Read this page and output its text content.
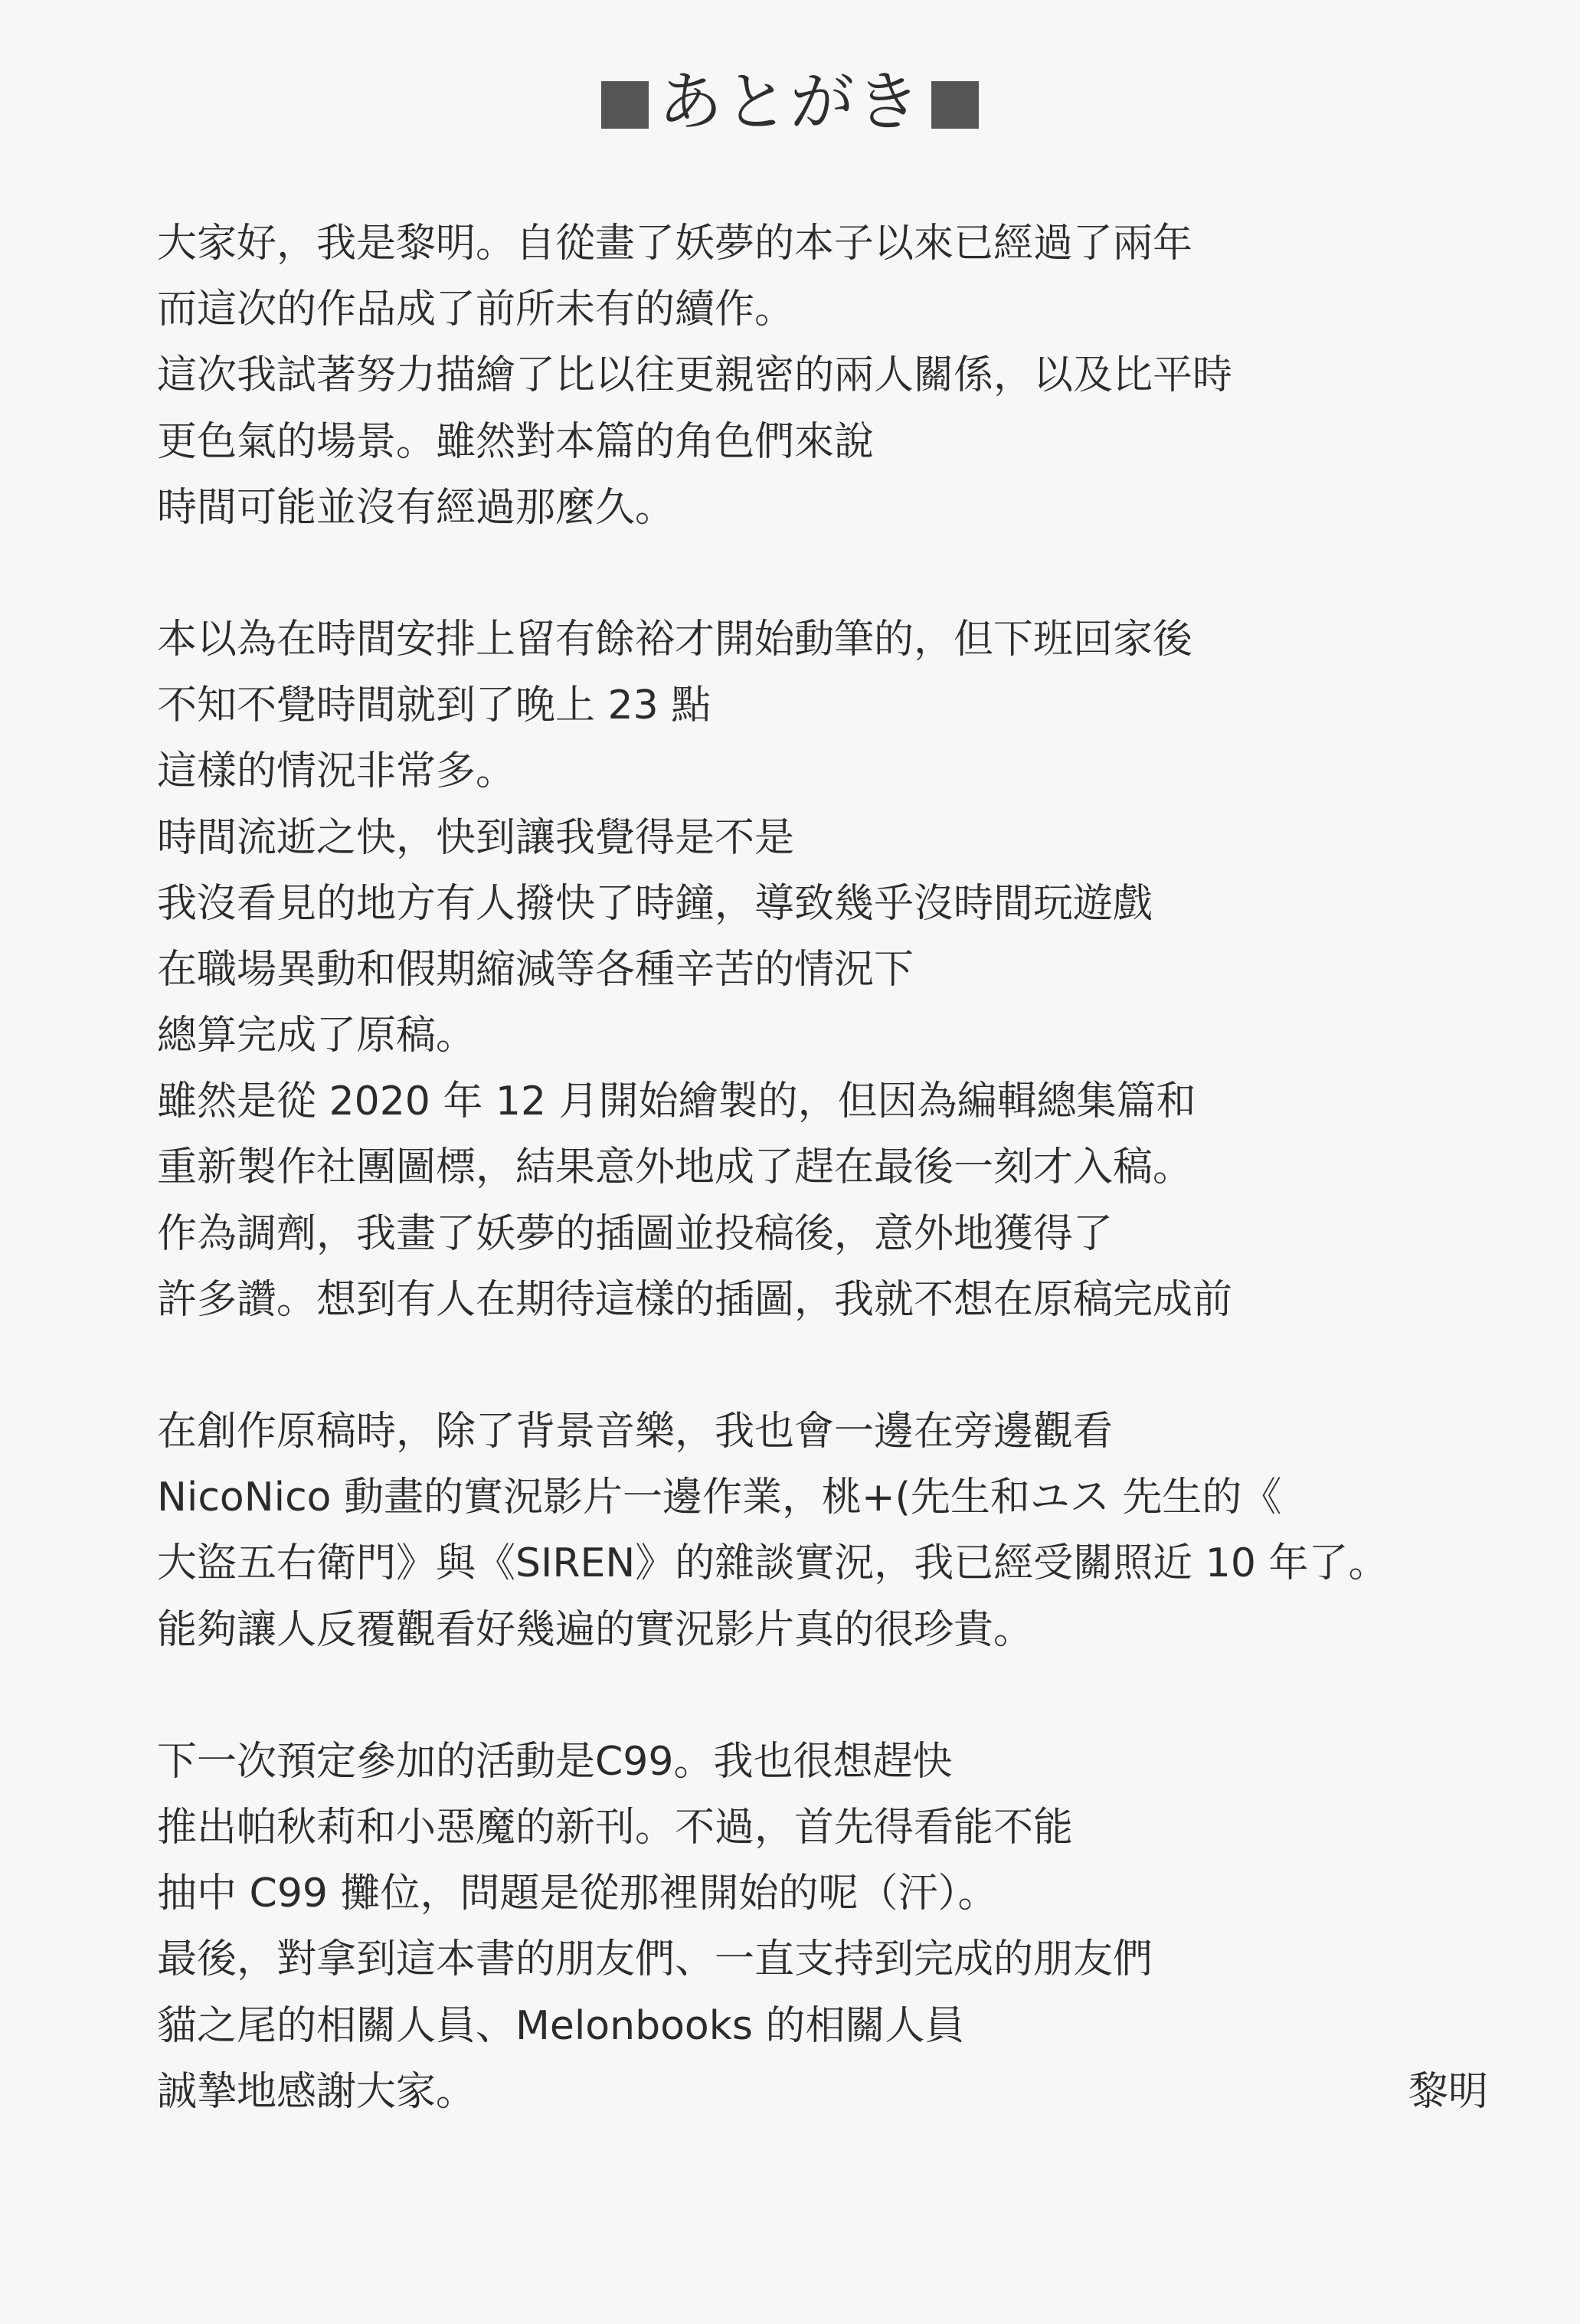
あとがき
大家好，我是黎明。自從畫了妖夢的本子以來已經過了兩年
而這次的作品成了前所未有的續作。
這次我試著努力描繪了比以往更親密的兩人關係，以及比平時
更色氣的場景。雖然對本篇的角色們來說
時間可能並沒有經過那麼久。
本以為在時間安排上留有餘裕才開始動筆的，但下班回家後
不知不覺時間就到了晚上 23 點
這樣的情況非常多。
時間流逝之快，快到讓我覺得是不是
我沒看見的地方有人撥快了時鐘，導致幾乎沒時間玩遊戲
在職場異動和假期縮減等各種辛苦的情況下
總算完成了原稿。
雖然是從 2020 年 12 月開始繪製的，但因為編輯總集篇和
重新製作社團圖標，結果意外地成了趕在最後一刻才入稿。
作為調劑，我畫了妖夢的插圖並投稿後，意外地獲得了
許多讚。想到有人在期待這樣的插圖，我就不想在原稿完成前
在創作原稿時，除了背景音樂，我也會一邊在旁邊觀看
NicoNico 動畫的實況影片一邊作業，桃+(先生和ユス 先生的《
大盜五右衛門》與《SIREN》的雜談實況，我已經受關照近 10 年了。
能夠讓人反覆觀看好幾遍的實況影片真的很珍貴。
下一次預定參加的活動是C99。我也很想趕快
推出帕秋莉和小惡魔的新刊。不過，首先得看能不能
抽中 C99 攤位，問題是從那裡開始的呢（汗）。
最後，對拿到這本書的朋友們、一直支持到完成的朋友們
貓之尾的相關人員、Melonbooks 的相關人員
誠摯地感謝大家。	黎明
